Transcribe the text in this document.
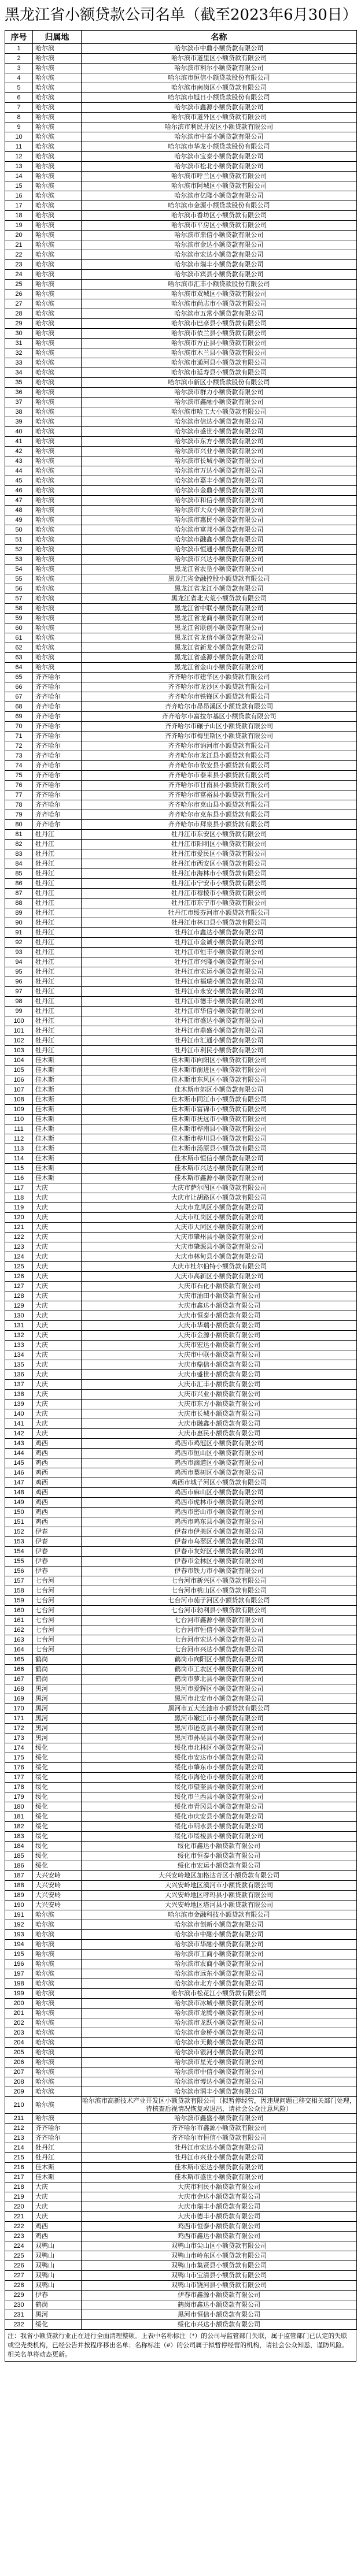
黑龙江省小额贷款公司名单（截至2023年6月30日）
序号	归属地	名称
1	哈尔滨	哈尔滨市中鼎小额贷款有限公司
2	哈尔滨	哈尔滨市道里区小额贷款有限公司
3	哈尔滨	哈尔滨市利尔小额贷款有限公司
4	哈尔滨	哈尔滨市恒信小额贷款股份有限公司
5	哈尔滨	哈尔滨市南岗区小额贷款有限公司
6	哈尔滨	哈尔滨市旭日小额贷款股份有限公司
7	哈尔滨	哈尔滨市鑫源小额贷款有限公司
8	哈尔滨	哈尔滨市道外区小额贷款有限公司
9	哈尔滨	哈尔滨市利民开发区小额贷款有限公司
10	哈尔滨	哈尔滨市中泰小额贷款有限公司
11	哈尔滨	哈尔滨市华龙小额贷款股份有限公司
12	哈尔滨	哈尔滨市宝泰小额贷款有限公司
13	哈尔滨	哈尔滨市松北小额贷款有限公司
14	哈尔滨	哈尔滨市呼兰区小额贷款有限公司
15	哈尔滨	哈尔滨市阿城区小额贷款有限公司
16	哈尔滨	哈尔滨市亿隆小额贷款有限公司
17	哈尔滨	哈尔滨市金源小额贷款股份有限公司
18	哈尔滨	哈尔滨市香坊区小额贷款有限公司
19	哈尔滨	哈尔滨市平房区小额贷款有限公司
20	哈尔滨	哈尔滨市鼎信小额贷款有限公司
21	哈尔滨	哈尔滨市金达小额贷款有限公司
22	哈尔滨	哈尔滨市宏达小额贷款有限公司
23	哈尔滨	哈尔滨市瑞丰小额贷款有限公司
24	哈尔滨	哈尔滨市宾县小额贷款有限公司
25	哈尔滨	哈尔滨市汇丰小额贷款股份有限公司
26	哈尔滨	哈尔滨市双城区小额贷款有限公司
27	哈尔滨	哈尔滨市尚志市小额贷款有限公司
28	哈尔滨	哈尔滨市五常小额贷款有限公司
29	哈尔滨	哈尔滨市巴彦县小额贷款有限公司
30	哈尔滨	哈尔滨市依兰县小额贷款有限公司
31	哈尔滨	哈尔滨市方正县小额贷款有限公司
32	哈尔滨	哈尔滨市木兰县小额贷款有限公司
33	哈尔滨	哈尔滨市通河县小额贷款有限公司
34	哈尔滨	哈尔滨市延寿县小额贷款有限公司
35	哈尔滨	哈尔滨市新区小额贷款股份有限公司
36	哈尔滨	哈尔滨市群力小额贷款有限公司
37	哈尔滨	哈尔滨市鑫融小额贷款有限公司
38	哈尔滨	哈尔滨市哈工大小额贷款有限公司
39	哈尔滨	哈尔滨市信达小额贷款有限公司
40	哈尔滨	哈尔滨市盛世小额贷款有限公司
41	哈尔滨	哈尔滨市东方小额贷款有限公司
42	哈尔滨	哈尔滨市兴业小额贷款有限公司
43	哈尔滨	哈尔滨市长城小额贷款有限公司
44	哈尔滨	哈尔滨市万达小额贷款有限公司
45	哈尔滨	哈尔滨市嘉丰小额贷款有限公司
46	哈尔滨	哈尔滨市金鼎小额贷款有限公司
47	哈尔滨	哈尔滨市和信小额贷款有限公司
48	哈尔滨	哈尔滨市大众小额贷款有限公司
49	哈尔滨	哈尔滨市惠民小额贷款有限公司
50	哈尔滨	哈尔滨市富邦小额贷款有限公司
51	哈尔滨	哈尔滨市融鑫小额贷款有限公司
52	哈尔滨	哈尔滨市恒通小额贷款有限公司
53	哈尔滨	哈尔滨市兴达小额贷款有限公司
54	哈尔滨	黑龙江省农垦小额贷款有限公司
55	哈尔滨	黑龙江省金融控股小额贷款有限公司
56	哈尔滨	黑龙江省龙江小额贷款有限公司
57	哈尔滨	黑龙江省北大荒小额贷款有限公司
58	哈尔滨	黑龙江省中联小额贷款有限公司
59	哈尔滨	黑龙江省龙商小额贷款有限公司
60	哈尔滨	黑龙江省联创小额贷款有限公司
61	哈尔滨	黑龙江省龙信小额贷款有限公司
62	哈尔滨	黑龙江省新龙小额贷款有限公司
63	哈尔滨	黑龙江省盛源小额贷款有限公司
64	哈尔滨	黑龙江省金山小额贷款有限公司
65	齐齐哈尔	齐齐哈尔市建华区小额贷款有限公司
66	齐齐哈尔	齐齐哈尔市龙沙区小额贷款有限公司
67	齐齐哈尔	齐齐哈尔市铁锋区小额贷款有限公司
68	齐齐哈尔	齐齐哈尔市昂昂溪区小额贷款有限公司
69	齐齐哈尔	齐齐哈尔市富拉尔基区小额贷款有限公司
70	齐齐哈尔	齐齐哈尔市碾子山区小额贷款有限公司
71	齐齐哈尔	齐齐哈尔市梅里斯区小额贷款有限公司
72	齐齐哈尔	齐齐哈尔市讷河市小额贷款有限公司
73	齐齐哈尔	齐齐哈尔市龙江县小额贷款有限公司
74	齐齐哈尔	齐齐哈尔市依安县小额贷款有限公司
75	齐齐哈尔	齐齐哈尔市泰来县小额贷款有限公司
76	齐齐哈尔	齐齐哈尔市甘南县小额贷款有限公司
77	齐齐哈尔	齐齐哈尔市富裕县小额贷款有限公司
78	齐齐哈尔	齐齐哈尔市克山县小额贷款有限公司
79	齐齐哈尔	齐齐哈尔市克东县小额贷款有限公司
80	齐齐哈尔	齐齐哈尔市拜泉县小额贷款有限公司
81	牡丹江	牡丹江市东安区小额贷款有限公司
82	牡丹江	牡丹江市阳明区小额贷款有限公司
83	牡丹江	牡丹江市爱民区小额贷款有限公司
84	牡丹江	牡丹江市西安区小额贷款有限公司
85	牡丹江	牡丹江市海林市小额贷款有限公司
86	牡丹江	牡丹江市宁安市小额贷款有限公司
87	牡丹江	牡丹江市穆棱市小额贷款有限公司
88	牡丹江	牡丹江市东宁市小额贷款有限公司
89	牡丹江	牡丹江市绥芬河市小额贷款有限公司
90	牡丹江	牡丹江市林口县小额贷款有限公司
91	牡丹江	牡丹江市鑫达小额贷款有限公司
92	牡丹江	牡丹江市金诚小额贷款有限公司
93	牡丹江	牡丹江市恒丰小额贷款有限公司
94	牡丹江	牡丹江市兴隆小额贷款有限公司
95	牡丹江	牡丹江市宏运小额贷款有限公司
96	牡丹江	牡丹江市福瑞小额贷款有限公司
97	牡丹江	牡丹江市永安小额贷款有限公司
98	牡丹江	牡丹江市德丰小额贷款有限公司
99	牡丹江	牡丹江市华信小额贷款有限公司
100	牡丹江	牡丹江市盛达小额贷款有限公司
101	牡丹江	牡丹江市鼎盛小额贷款有限公司
102	牡丹江	牡丹江市汇通小额贷款有限公司
103	牡丹江	牡丹江市利民小额贷款有限公司
104	佳木斯	佳木斯市向阳区小额贷款有限公司
105	佳木斯	佳木斯市前进区小额贷款有限公司
106	佳木斯	佳木斯市东风区小额贷款有限公司
107	佳木斯	佳木斯市郊区小额贷款有限公司
108	佳木斯	佳木斯市同江市小额贷款有限公司
109	佳木斯	佳木斯市富锦市小额贷款有限公司
110	佳木斯	佳木斯市抚远市小额贷款有限公司
111	佳木斯	佳木斯市桦南县小额贷款有限公司
112	佳木斯	佳木斯市桦川县小额贷款有限公司
113	佳木斯	佳木斯市汤原县小额贷款有限公司
114	佳木斯	佳木斯市恒信小额贷款有限公司
115	佳木斯	佳木斯市兴达小额贷款有限公司
116	佳木斯	佳木斯市鑫源小额贷款有限公司
117	大庆	大庆市萨尔图区小额贷款有限公司
118	大庆	大庆市让胡路区小额贷款有限公司
119	大庆	大庆市龙凤区小额贷款有限公司
120	大庆	大庆市红岗区小额贷款有限公司
121	大庆	大庆市大同区小额贷款有限公司
122	大庆	大庆市肇州县小额贷款有限公司
123	大庆	大庆市肇源县小额贷款有限公司
124	大庆	大庆市林甸县小额贷款有限公司
125	大庆	大庆市杜尔伯特小额贷款有限公司
126	大庆	大庆市高新区小额贷款有限公司
127	大庆	大庆市石化小额贷款有限公司
128	大庆	大庆市油田小额贷款有限公司
129	大庆	大庆市鑫达小额贷款有限公司
130	大庆	大庆市恒泰小额贷款有限公司
131	大庆	大庆市华瑞小额贷款有限公司
132	大庆	大庆市金源小额贷款有限公司
133	大庆	大庆市宏达小额贷款有限公司
134	大庆	大庆市中联小额贷款有限公司
135	大庆	大庆市鼎信小额贷款有限公司
136	大庆	大庆市盛世小额贷款有限公司
137	大庆	大庆市汇丰小额贷款有限公司
138	大庆	大庆市兴业小额贷款有限公司
139	大庆	大庆市东方小额贷款有限公司
140	大庆	大庆市长城小额贷款有限公司
141	大庆	大庆市融鑫小额贷款有限公司
142	大庆	大庆市惠民小额贷款有限公司
143	鸡西	鸡西市鸡冠区小额贷款有限公司
144	鸡西	鸡西市恒山区小额贷款有限公司
145	鸡西	鸡西市滴道区小额贷款有限公司
146	鸡西	鸡西市梨树区小额贷款有限公司
147	鸡西	鸡西市城子河区小额贷款有限公司
148	鸡西	鸡西市麻山区小额贷款有限公司
149	鸡西	鸡西市虎林市小额贷款有限公司
150	鸡西	鸡西市密山市小额贷款有限公司
151	鸡西	鸡西市鸡东县小额贷款有限公司
152	伊春	伊春市伊美区小额贷款有限公司
153	伊春	伊春市乌翠区小额贷款有限公司
154	伊春	伊春市友好区小额贷款有限公司
155	伊春	伊春市金林区小额贷款有限公司
156	伊春	伊春市铁力市小额贷款有限公司
157	七台河	七台河市新兴区小额贷款有限公司
158	七台河	七台河市桃山区小额贷款有限公司
159	七台河	七台河市茄子河区小额贷款有限公司
160	七台河	七台河市勃利县小额贷款有限公司
161	七台河	七台河市鑫源小额贷款有限公司
162	七台河	七台河市恒信小额贷款有限公司
163	七台河	七台河市宏达小额贷款有限公司
164	七台河	七台河市兴达小额贷款有限公司
165	鹤岗	鹤岗市向阳区小额贷款有限公司
166	鹤岗	鹤岗市工农区小额贷款有限公司
167	鹤岗	鹤岗市萝北县小额贷款有限公司
168	黑河	黑河市爱辉区小额贷款有限公司
169	黑河	黑河市北安市小额贷款有限公司
170	黑河	黑河市五大连池市小额贷款有限公司
171	黑河	黑河市嫩江市小额贷款有限公司
172	黑河	黑河市逊克县小额贷款有限公司
173	黑河	黑河市孙吴县小额贷款有限公司
174	绥化	绥化市北林区小额贷款有限公司
175	绥化	绥化市安达市小额贷款有限公司
176	绥化	绥化市肇东市小额贷款有限公司
177	绥化	绥化市海伦市小额贷款有限公司
178	绥化	绥化市望奎县小额贷款有限公司
179	绥化	绥化市兰西县小额贷款有限公司
180	绥化	绥化市青冈县小额贷款有限公司
181	绥化	绥化市庆安县小额贷款有限公司
182	绥化	绥化市明水县小额贷款有限公司
183	绥化	绥化市绥棱县小额贷款有限公司
184	绥化	绥化市鑫达小额贷款有限公司
185	绥化	绥化市恒泰小额贷款有限公司
186	绥化	绥化市宏运小额贷款有限公司
187	大兴安岭	大兴安岭地区加格达奇区小额贷款有限公司
188	大兴安岭	大兴安岭地区漠河市小额贷款有限公司
189	大兴安岭	大兴安岭地区呼玛县小额贷款有限公司
190	大兴安岭	大兴安岭地区塔河县小额贷款有限公司
191	哈尔滨	哈尔滨市金融科技小额贷款有限公司
192	哈尔滨	哈尔滨市创新小额贷款有限公司
193	哈尔滨	哈尔滨市中融小额贷款有限公司
194	哈尔滨	哈尔滨市华融小额贷款有限公司
195	哈尔滨	哈尔滨市工商小额贷款有限公司
196	哈尔滨	哈尔滨市农商小额贷款有限公司
197	哈尔滨	哈尔滨市远东小额贷款有限公司
198	哈尔滨	哈尔滨市北方小额贷款有限公司
199	哈尔滨	哈尔滨市松花江小额贷款有限公司
200	哈尔滨	哈尔滨市冰城小额贷款有限公司
201	哈尔滨	哈尔滨市龙腾小额贷款有限公司
202	哈尔滨	哈尔滨市龙跃小额贷款有限公司
203	哈尔滨	哈尔滨市金桥小额贷款有限公司
204	哈尔滨	哈尔滨市天鹅小额贷款有限公司
205	哈尔滨	哈尔滨市银河小额贷款有限公司
206	哈尔滨	哈尔滨市星光小额贷款有限公司
207	哈尔滨	哈尔滨市中信小额贷款有限公司
208	哈尔滨	哈尔滨市博达小额贷款有限公司
209	哈尔滨	哈尔滨市润丰小额贷款有限公司
210	哈尔滨	哈尔滨市高新技术产业开发区小额贷款有限公司（拟暂停经营，因违规问题已移交相关部门处理，待核查后视情况恢复或退出，请社会公众注意风险）
211	哈尔滨	哈尔滨市鑫盛小额贷款有限公司
212	齐齐哈尔	齐齐哈尔市鑫源小额贷款有限公司
213	齐齐哈尔	齐齐哈尔市恒信小额贷款有限公司
214	牡丹江	牡丹江市宏达小额贷款有限公司
215	牡丹江	牡丹江市兴业小额贷款有限公司
216	佳木斯	佳木斯市宏达小额贷款有限公司
217	佳木斯	佳木斯市盛世小额贷款有限公司
218	大庆	大庆市利民小额贷款有限公司
219	大庆	大庆市金达小额贷款有限公司
220	大庆	大庆市瑞丰小额贷款有限公司
221	大庆	大庆市德丰小额贷款有限公司
222	鸡西	鸡西市恒泰小额贷款有限公司
223	鸡西	鸡西市鑫达小额贷款有限公司
224	双鸭山	双鸭山市尖山区小额贷款有限公司
225	双鸭山	双鸭山市岭东区小额贷款有限公司
226	双鸭山	双鸭山市集贤县小额贷款有限公司
227	双鸭山	双鸭山市宝清县小额贷款有限公司
228	双鸭山	双鸭山市饶河县小额贷款有限公司
229	伊春	伊春市鑫源小额贷款有限公司
230	鹤岗	鹤岗市鑫达小额贷款有限公司
231	黑河	黑河市恒信小额贷款有限公司
232	绥化	绥化市兴达小额贷款有限公司
注：我省小额贷款行业正在进行全面清理整顿。上表中名称标注（*）的公司与监管部门失联，属于监管部门已认定的失联或空壳类机构，已经公告并按程序移出名单；名称标注（#）的公司属于拟暂停经营的机构，请社会公众知悉，谨防风险。相关名单将动态更新。
